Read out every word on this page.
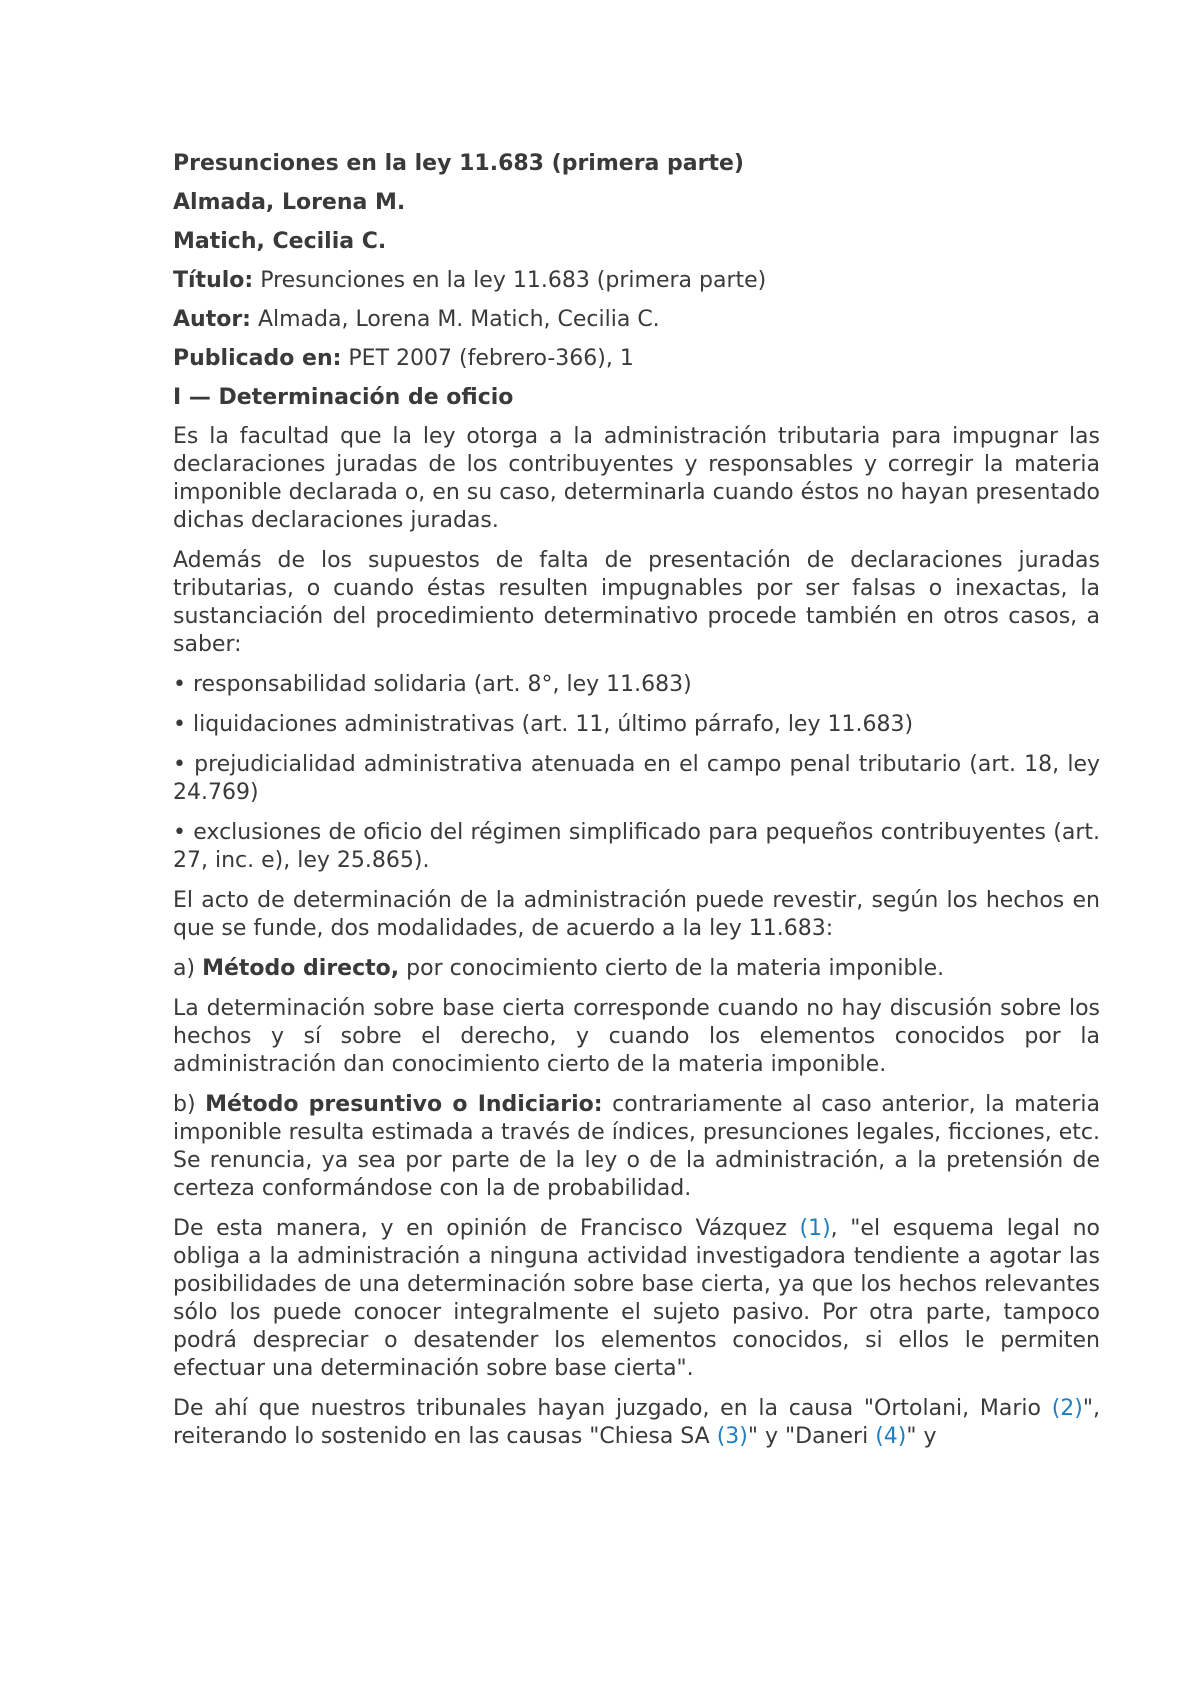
Presunciones en la ley 11.683 (primera parte)
Almada, Lorena M.
Matich, Cecilia C.
Título: Presunciones en la ley 11.683 (primera parte)
Autor: Almada, Lorena M. Matich, Cecilia C.
Publicado en: PET 2007 (febrero-366), 1
I — Determinación de oficio

Es la facultad que la ley otorga a la administración tributaria para impugnar las declaraciones juradas de los contribuyentes y responsables y corregir la materia imponible declarada o, en su caso, determinarla cuando éstos no hayan presentado dichas declaraciones juradas.

Además de los supuestos de falta de presentación de declaraciones juradas tributarias, o cuando éstas resulten impugnables por ser falsas o inexactas, la sustanciación del procedimiento determinativo procede también en otros casos, a saber:

• responsabilidad solidaria (art. 8°, ley 11.683)

• liquidaciones administrativas (art. 11, último párrafo, ley 11.683)

• prejudicialidad administrativa atenuada en el campo penal tributario (art. 18, ley 24.769)

• exclusiones de oficio del régimen simplificado para pequeños contribuyentes (art. 27, inc. e), ley 25.865).

El acto de determinación de la administración puede revestir, según los hechos en que se funde, dos modalidades, de acuerdo a la ley 11.683:

a) Método directo, por conocimiento cierto de la materia imponible.

La determinación sobre base cierta corresponde cuando no hay discusión sobre los hechos y sí sobre el derecho, y cuando los elementos conocidos por la administración dan conocimiento cierto de la materia imponible.

b) Método presuntivo o Indiciario: contrariamente al caso anterior, la materia imponible resulta estimada a través de índices, presunciones legales, ficciones, etc. Se renuncia, ya sea por parte de la ley o de la administración, a la pretensión de certeza conformándose con la de probabilidad.

De esta manera, y en opinión de Francisco Vázquez (1), "el esquema legal no obliga a la administración a ninguna actividad investigadora tendiente a agotar las posibilidades de una determinación sobre base cierta, ya que los hechos relevantes sólo los puede conocer integralmente el sujeto pasivo. Por otra parte, tampoco podrá despreciar o desatender los elementos conocidos, si ellos le permiten efectuar una determinación sobre base cierta".

De ahí que nuestros tribunales hayan juzgado, en la causa "Ortolani, Mario (2)", reiterando lo sostenido en las causas "Chiesa SA (3)" y "Daneri (4)" y
